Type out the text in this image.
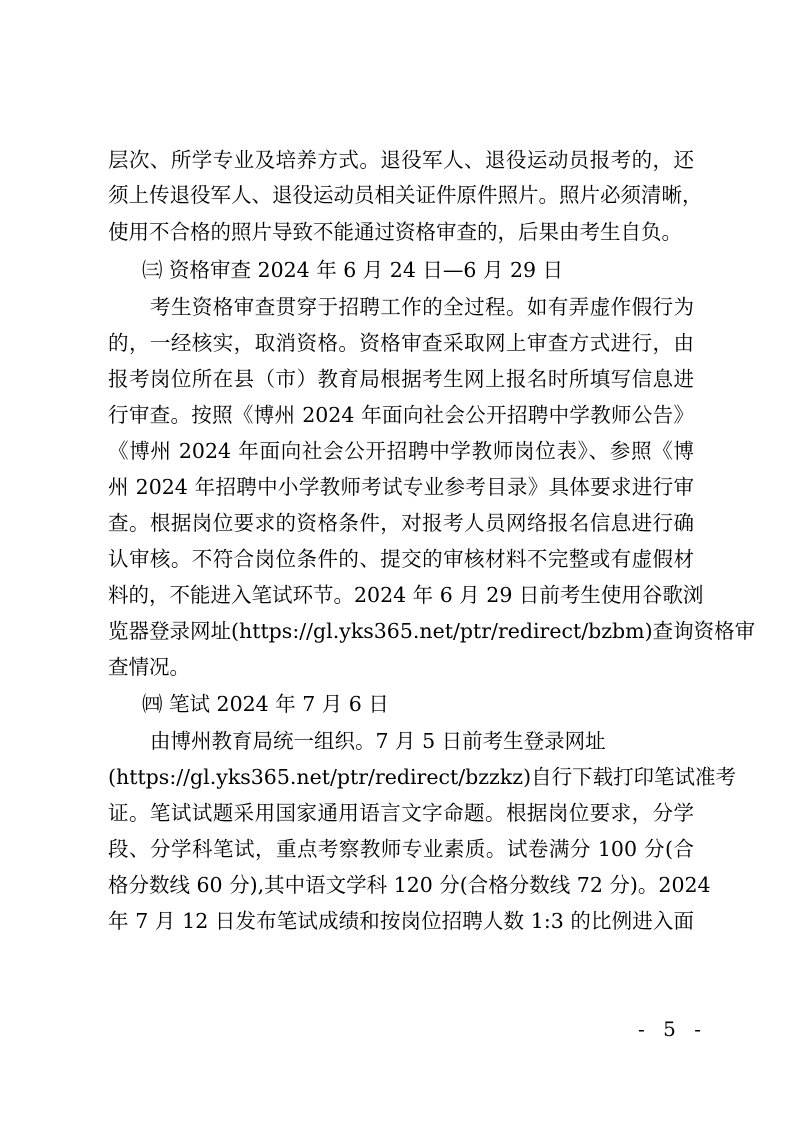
层次、所学专业及培养方式。退役军人、退役运动员报考的，还
须上传退役军人、退役运动员相关证件原件照片。照片必须清晰，
使用不合格的照片导致不能通过资格审查的，后果由考生自负。
㈢ 资格审查 2024 年 6 月 24 日—6 月 29 日
考生资格审查贯穿于招聘工作的全过程。如有弄虚作假行为
的，一经核实，取消资格。资格审查采取网上审查方式进行，由
报考岗位所在县（市）教育局根据考生网上报名时所填写信息进
行审查。按照《博州 2024 年面向社会公开招聘中学教师公告》
《博州 2024 年面向社会公开招聘中学教师岗位表》、参照《博
州 2024 年招聘中小学教师考试专业参考目录》具体要求进行审
查。根据岗位要求的资格条件，对报考人员网络报名信息进行确
认审核。不符合岗位条件的、提交的审核材料不完整或有虚假材
料的，不能进入笔试环节。2024 年 6 月 29 日前考生使用谷歌浏
览器登录网址(https://gl.yks365.net/ptr/redirect/bzbm)查询资格审
查情况。
㈣ 笔试 2024 年 7 月 6 日
由博州教育局统一组织。7 月 5 日前考生登录网址
(https://gl.yks365.net/ptr/redirect/bzzkz)自行下载打印笔试准考
证。笔试试题采用国家通用语言文字命题。根据岗位要求，分学
段、分学科笔试，重点考察教师专业素质。试卷满分 100 分(合
格分数线 60 分),其中语文学科 120 分(合格分数线 72 分)。2024
年 7 月 12 日发布笔试成绩和按岗位招聘人数 1:3 的比例进入面
- 5 -
